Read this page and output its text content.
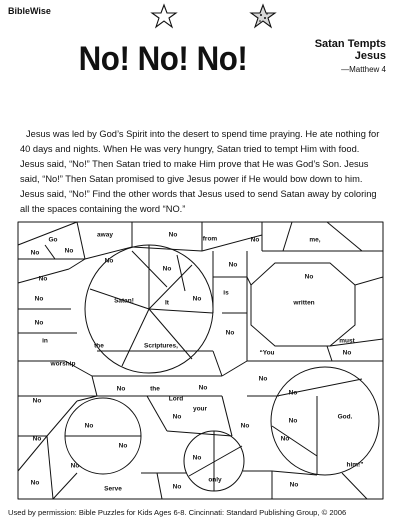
BibleWise
No! No! No!	Satan Tempts
Jesus
—Matthew 4
Jesus was led by God’s Spirit into the desert to spend time praying. He ate nothing for 40 days and nights. When He was very hungry, Satan tried to tempt Him with food. Jesus said, “No!” Then Satan tried to make Him prove that He was God’s Son. Jesus said, “No!” Then Satan promised to give Jesus power if He would bow down to him. Jesus said, “No!” Find the other words that Jesus used to send Satan away by coloring all the spaces containing the word “NO.”
Go
away	No
from	No	me,
No	No
No
No
No
No
No
Satan!	It
No
is
written
No
No
in
the	Scriptures,
No
“You
must
No
worship
No	the
Lord
No
No
your
No
No
God.
No
No
No
No
No
No
No
No
No
Serve
No
only
No	No
him!”
Used by permission: Bible Puzzles for Kids Ages 6-8. Cincinnati: Standard Publishing Group, © 2006
